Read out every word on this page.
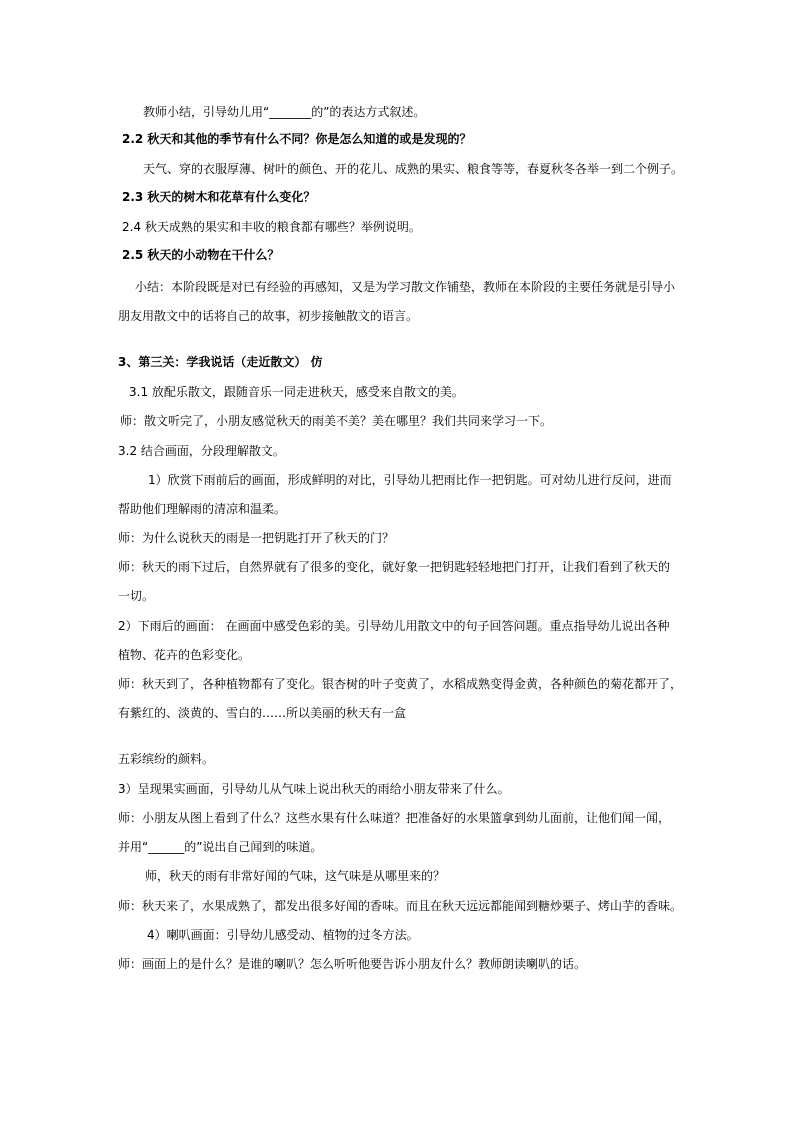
教师小结，引导幼儿用“_______的”的表达方式叙述。
2.2 秋天和其他的季节有什么不同？你是怎么知道的或是发现的？
天气、穿的衣服厚薄、树叶的颜色、开的花儿、成熟的果实、粮食等等，春夏秋冬各举一到二个例子。
2.3 秋天的树木和花草有什么变化？
2.4 秋天成熟的果实和丰收的粮食都有哪些？举例说明。
2.5 秋天的小动物在干什么？
小结：本阶段既是对已有经验的再感知，又是为学习散文作铺垫，教师在本阶段的主要任务就是引导小
朋友用散文中的话将自己的故事，初步接触散文的语言。
3、第三关：学我说话（走近散文） 仿
3.1 放配乐散文，跟随音乐一同走进秋天，感受来自散文的美。
师：散文听完了，小朋友感觉秋天的雨美不美？美在哪里？我们共同来学习一下。
3.2 结合画面，分段理解散文。
1）欣赏下雨前后的画面，形成鲜明的对比，引导幼儿把雨比作一把钥匙。可对幼儿进行反问，进而
帮助他们理解雨的清凉和温柔。
师：为什么说秋天的雨是一把钥匙打开了秋天的门？
师：秋天的雨下过后，自然界就有了很多的变化，就好象一把钥匙轻轻地把门打开，让我们看到了秋天的
一切。
2）下雨后的画面： 在画面中感受色彩的美。引导幼儿用散文中的句子回答问题。重点指导幼儿说出各种
植物、花卉的色彩变化。
师：秋天到了，各种植物都有了变化。银杏树的叶子变黄了，水稻成熟变得金黄，各种颜色的菊花都开了，
有紫红的、淡黄的、雪白的……所以美丽的秋天有一盒
五彩缤纷的颜料。
3）呈现果实画面，引导幼儿从气味上说出秋天的雨给小朋友带来了什么。
师：小朋友从图上看到了什么？这些水果有什么味道？把准备好的水果篮拿到幼儿面前，让他们闻一闻，
并用“______的”说出自己闻到的味道。
师，秋天的雨有非常好闻的气味，这气味是从哪里来的？
师：秋天来了，水果成熟了，都发出很多好闻的香味。而且在秋天远远都能闻到糖炒栗子、烤山芋的香味。
4）喇叭画面：引导幼儿感受动、植物的过冬方法。
师：画面上的是什么？是谁的喇叭？怎么听听他要告诉小朋友什么？教师朗读喇叭的话。
